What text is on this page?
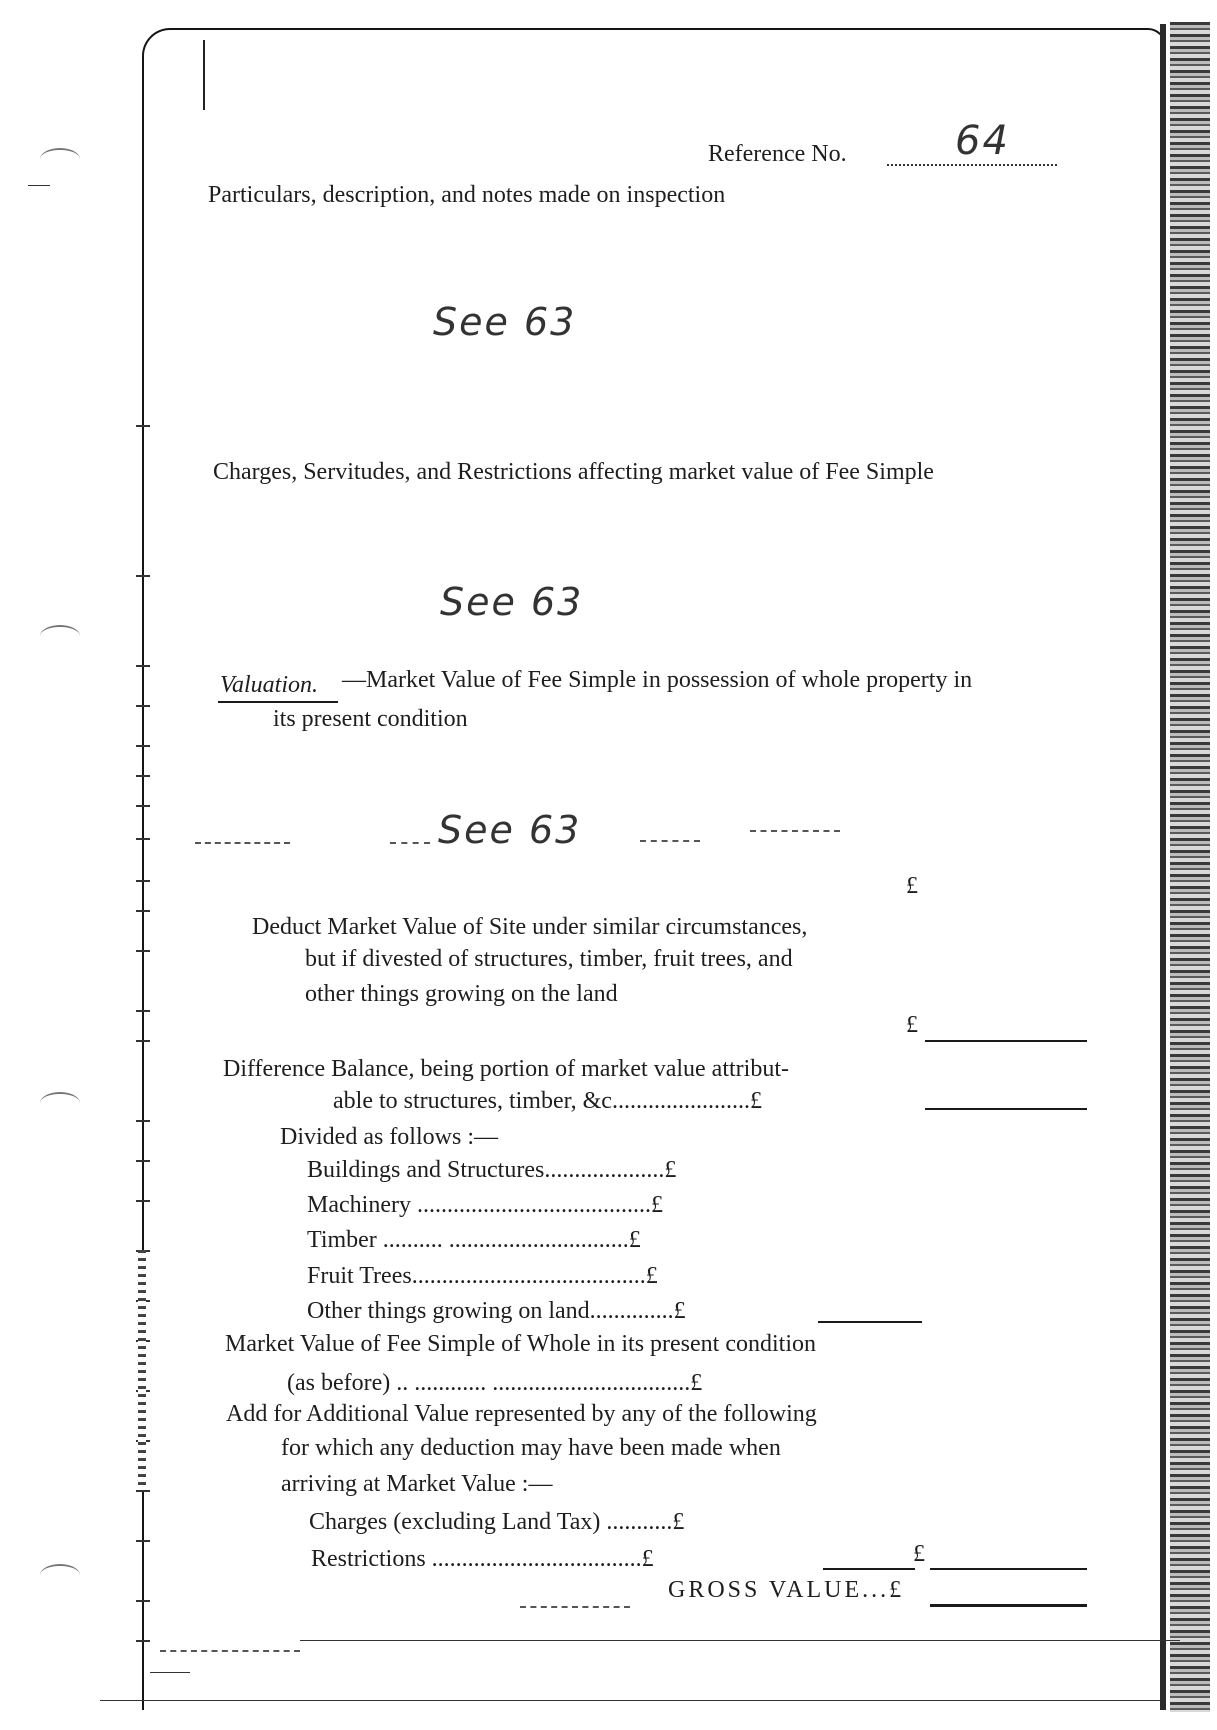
Reference No.	64
Particulars, description, and notes made on inspection
See 63
Charges, Servitudes, and Restrictions affecting market value of Fee Simple
See 63
Valuation. —Market Value of Fee Simple in possession of whole property in
its present condition
See 63
£
Deduct Market Value of Site under similar circumstances,
but if divested of structures, timber, fruit trees, and
other things growing on the land
£
Difference Balance, being portion of market value attribut-
able to structures, timber, &c.......................£
Divided as follows :—
Buildings and Structures....................£
Machinery .......................................£
Timber .......... ..............................£
Fruit Trees.......................................£
Other things growing on land..............£
Market Value of Fee Simple of Whole in its present condition
(as before) .. ............ .................................£
Add for Additional Value represented by any of the following
for which any deduction may have been made when
arriving at Market Value :—
Charges (excluding Land Tax) ...........£
Restrictions ...................................£	£
GROSS VALUE...£
